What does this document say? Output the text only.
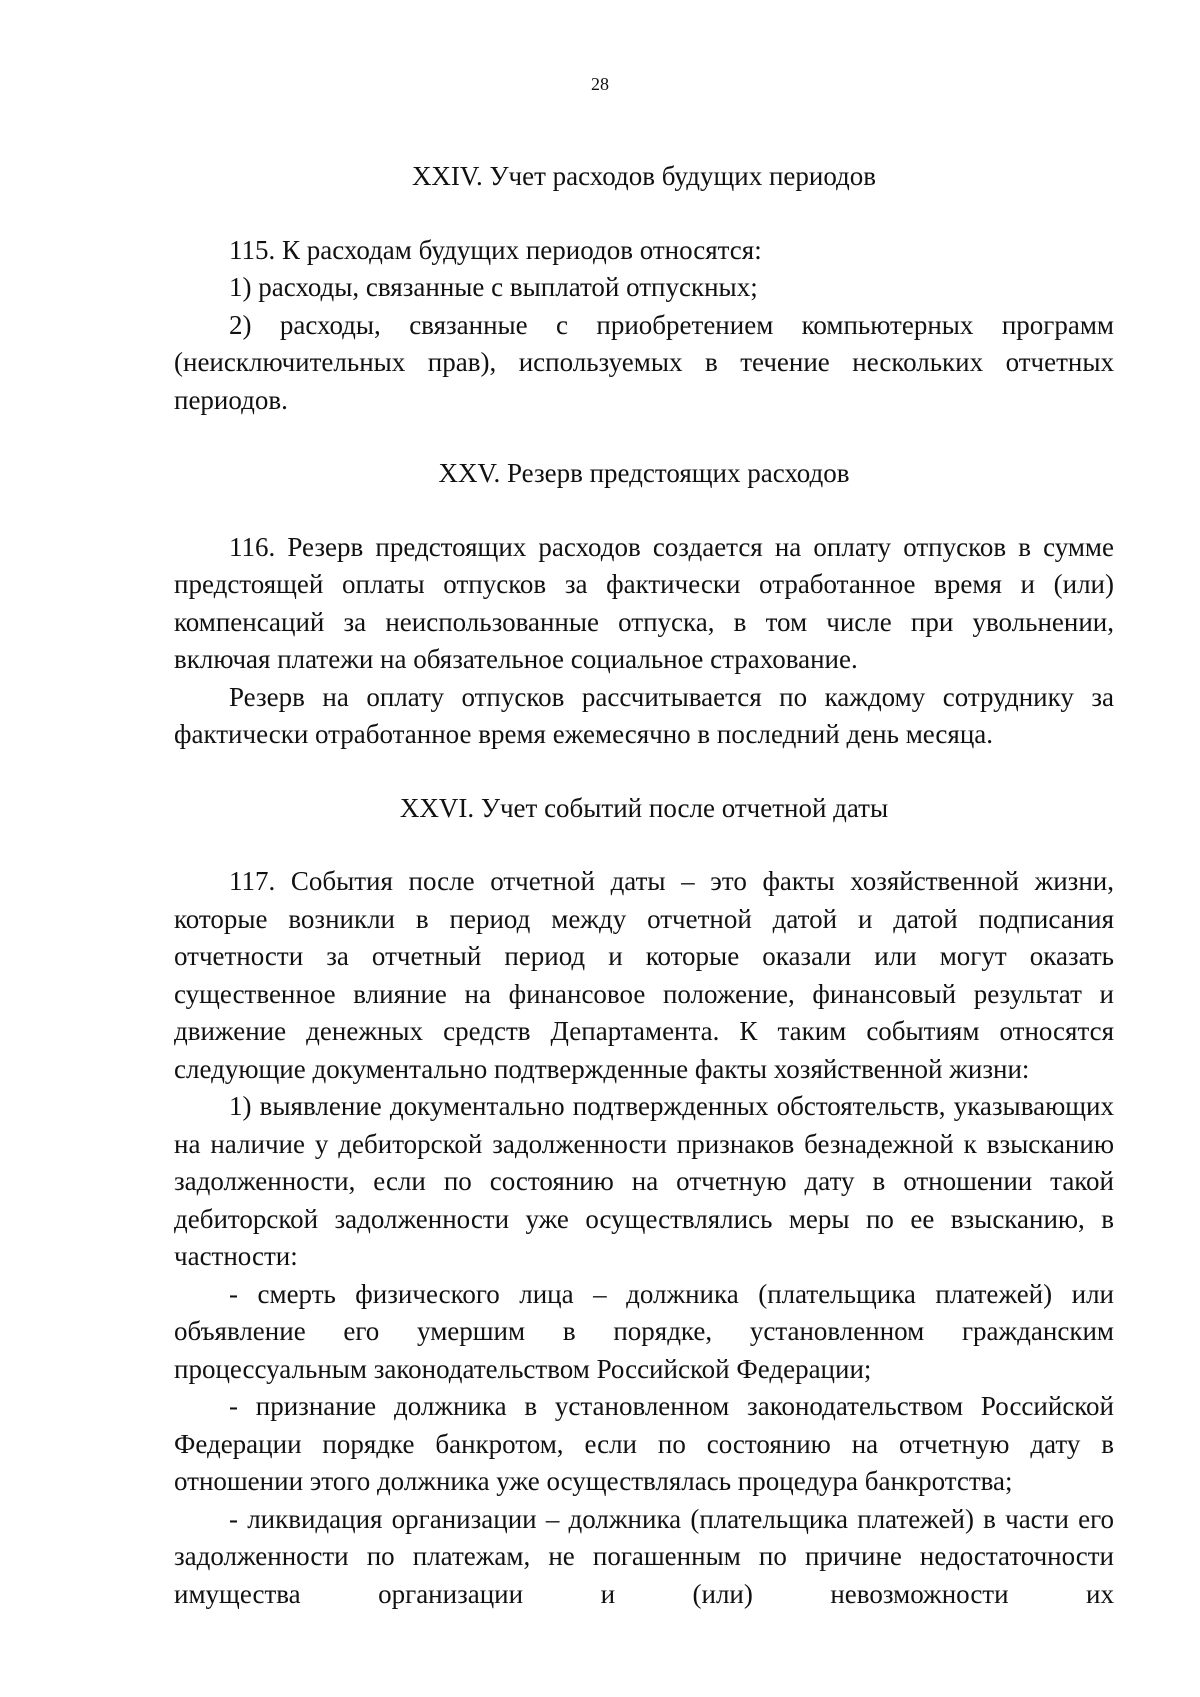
28
XXIV. Учет расходов будущих периодов

115. К расходам будущих периодов относятся:

1) расходы, связанные с выплатой отпускных;

2) расходы, связанные с приобретением компьютерных программ (неисключительных прав), используемых в течение нескольких отчетных периодов.

XXV. Резерв предстоящих расходов

116. Резерв предстоящих расходов создается на оплату отпусков в сумме предстоящей оплаты отпусков за фактически отработанное время и (или) компенсаций за неиспользованные отпуска, в том числе при увольнении, включая платежи на обязательное социальное страхование.

Резерв на оплату отпусков рассчитывается по каждому сотруднику за фактически отработанное время ежемесячно в последний день месяца.

XXVI. Учет событий после отчетной даты

117. События после отчетной даты – это факты хозяйственной жизни, которые возникли в период между отчетной датой и датой подписания отчетности за отчетный период и которые оказали или могут оказать существенное влияние на финансовое положение, финансовый результат и движение денежных средств Департамента. К таким событиям относятся следующие документально подтвержденные факты хозяйственной жизни:

1) выявление документально подтвержденных обстоятельств, указывающих на наличие у дебиторской задолженности признаков безнадежной к взысканию задолженности, если по состоянию на отчетную дату в отношении такой дебиторской задолженности уже осуществлялись меры по ее взысканию, в частности:

- смерть физического лица – должника (плательщика платежей) или объявление его умершим в порядке, установленном гражданским процессуальным законодательством Российской Федерации;

- признание должника в установленном законодательством Российской Федерации порядке банкротом, если по состоянию на отчетную дату в отношении этого должника уже осуществлялась процедура банкротства;

- ликвидация организации – должника (плательщика платежей) в части его задолженности по платежам, не погашенным по причине недостаточности имущества организации и (или) невозможности их
